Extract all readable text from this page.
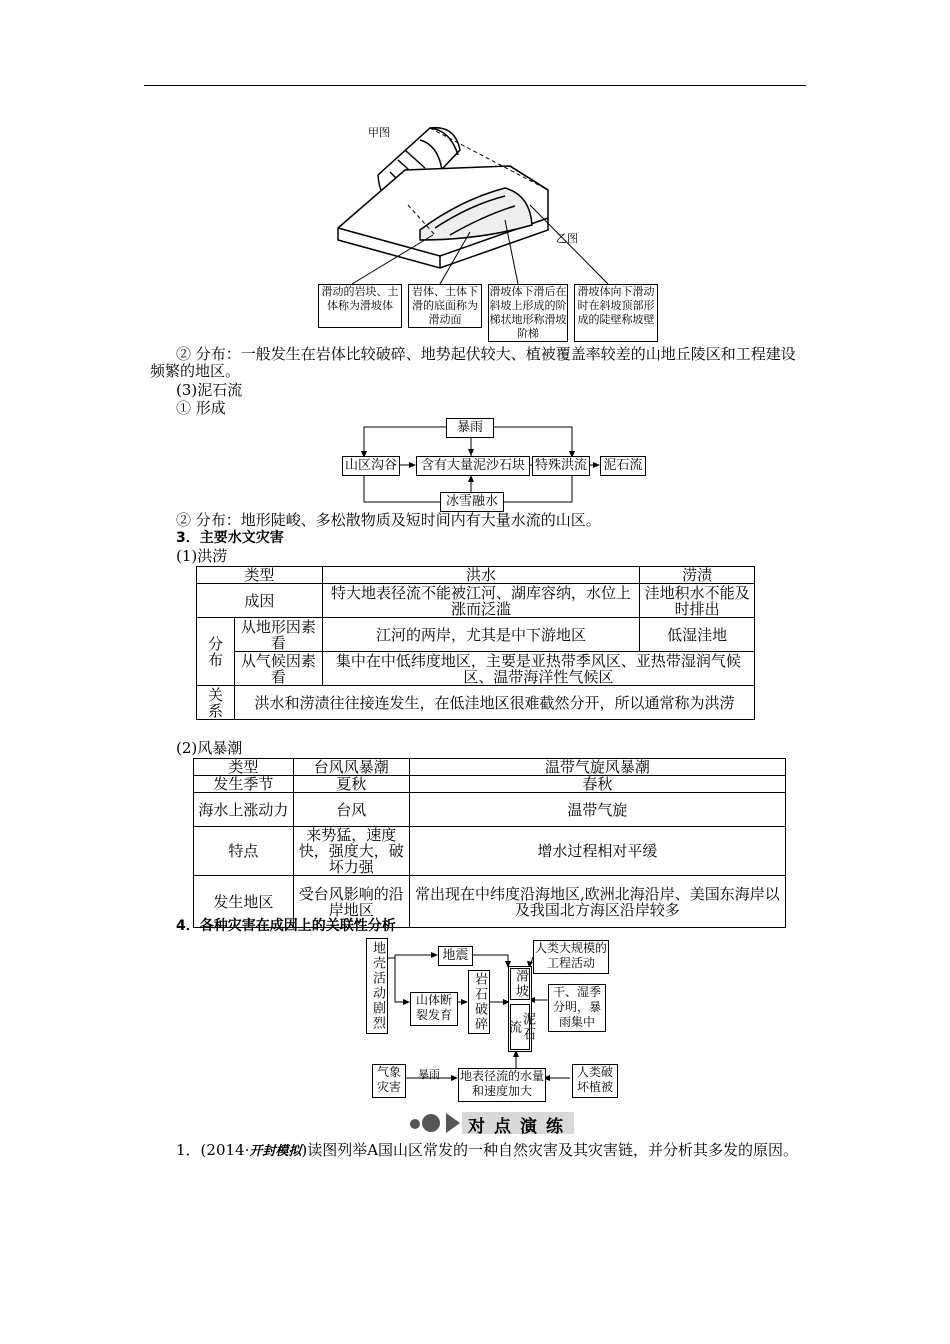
甲图
乙图
滑动的岩块、土体称为滑坡体
岩体、土体下滑的底面称为滑动面
滑坡体下滑后在斜坡上形成的阶梯状地形称滑坡阶梯
滑坡体向下滑动时在斜坡顶部形成的陡壁称坡壁
② 分布：一般发生在岩体比较破碎、地势起伏较大、植被覆盖率较差的山地丘陵区和工程建设频繁的地区。
(3)泥石流
① 形成
暴雨
山区沟谷	含有大量泥沙石块 特殊洪流 泥石流
冰雪融水
② 分布：地形陡峻、多松散物质及短时间内有大量水流的山区。
3．主要水文灾害
(1)洪涝
类型		洪水	涝渍
成因		特大地表径流不能被江河、湖库容纳，水位上涨而泛滥	洼地积水不能及时排出
分布	从地形因素看	江河的两岸，尤其是中下游地区	低湿洼地
	从气候因素看	集中在中低纬度地区，主要是亚热带季风区、亚热带湿润气候区、温带海洋性气候区	
关系	洪水和涝渍往往接连发生，在低洼地区很难截然分开，所以通常称为洪涝		
(2)风暴潮
类型	台风风暴潮	温带气旋风暴潮
发生季节	夏秋	春秋
海水上涨动力	台风	温带气旋
特点	来势猛，速度快，强度大，破坏力强	增水过程相对平缓
发生地区	受台风影响的沿岸地区	常出现在中纬度沿海地区,欧洲北海沿岸、美国东海岸以及我国北方海区沿岸较多
4．各种灾害在成因上的关联性分析
地壳活动剧烈	地震	人类大规模的工程活动
山体断裂发育	岩石破碎 滑坡
泥石流
干、湿季分明，暴雨集中
气象灾害
暴雨 地表径流的水量和速度加大
人类破坏植被
对点演练
1．(2014·开封模拟)读图列举A国山区常发的一种自然灾害及其灾害链，并分析其多发的原因。
